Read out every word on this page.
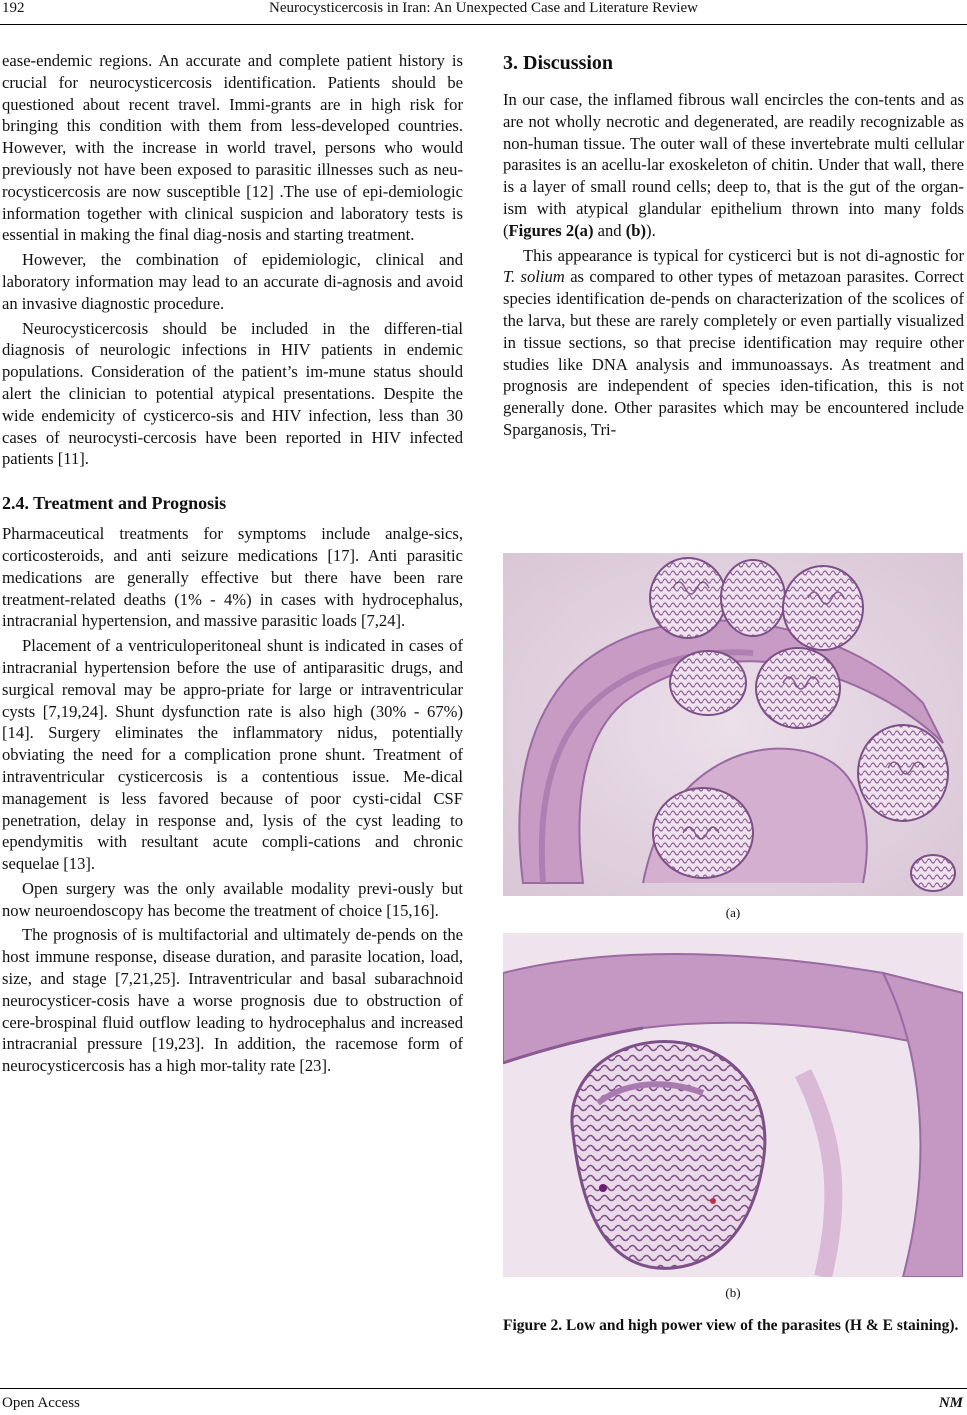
192	Neurocysticercosis in Iran: An Unexpected Case and Literature Review

ease-endemic regions. An accurate and complete patient history is crucial for neurocysticercosis identification. Patients should be questioned about recent travel. Immi-grants are in high risk for bringing this condition with them from less-developed countries. However, with the increase in world travel, persons who would previously not have been exposed to parasitic illnesses such as neu-rocysticercosis are now susceptible [12] .The use of epi-demiologic information together with clinical suspicion and laboratory tests is essential in making the final diag-nosis and starting treatment.

However, the combination of epidemiologic, clinical and laboratory information may lead to an accurate di-agnosis and avoid an invasive diagnostic procedure.

Neurocysticercosis should be included in the differen-tial diagnosis of neurologic infections in HIV patients in endemic populations. Consideration of the patient’s im-mune status should alert the clinician to potential atypical presentations. Despite the wide endemicity of cysticerco-sis and HIV infection, less than 30 cases of neurocysti-cercosis have been reported in HIV infected patients [11].

2.4. Treatment and Prognosis

Pharmaceutical treatments for symptoms include analge-sics, corticosteroids, and anti seizure medications [17]. Anti parasitic medications are generally effective but there have been rare treatment-related deaths (1% - 4%) in cases with hydrocephalus, intracranial hypertension, and massive parasitic loads [7,24].

Placement of a ventriculoperitoneal shunt is indicated in cases of intracranial hypertension before the use of antiparasitic drugs, and surgical removal may be appro-priate for large or intraventricular cysts [7,19,24]. Shunt dysfunction rate is also high (30% - 67%) [14]. Surgery eliminates the inflammatory nidus, potentially obviating the need for a complication prone shunt. Treatment of intraventricular cysticercosis is a contentious issue. Me-dical management is less favored because of poor cysti-cidal CSF penetration, delay in response and, lysis of the cyst leading to ependymitis with resultant acute compli-cations and chronic sequelae [13].

Open surgery was the only available modality previ-ously but now neuroendoscopy has become the treatment of choice [15,16].

The prognosis of is multifactorial and ultimately de-pends on the host immune response, disease duration, and parasite location, load, size, and stage [7,21,25]. Intraventricular and basal subarachnoid neurocysticer-cosis have a worse prognosis due to obstruction of cere-brospinal fluid outflow leading to hydrocephalus and increased intracranial pressure [19,23]. In addition, the racemose form of neurocysticercosis has a high mor-tality rate [23].

3. Discussion

In our case, the inflamed fibrous wall encircles the con-tents and as are not wholly necrotic and degenerated, are readily recognizable as non-human tissue. The outer wall of these invertebrate multi cellular parasites is an acellu-lar exoskeleton of chitin. Under that wall, there is a layer of small round cells; deep to, that is the gut of the organ-ism with atypical glandular epithelium thrown into many folds (Figures 2(a) and (b)).

This appearance is typical for cysticerci but is not di-agnostic for T. solium as compared to other types of metazoan parasites. Correct species identification de-pends on characterization of the scolices of the larva, but these are rarely completely or even partially visualized in tissue sections, so that precise identification may require other studies like DNA analysis and immunoassays. As treatment and prognosis are independent of species iden-tification, this is not generally done. Other parasites which may be encountered include Sparganosis, Tri-

(a)
(b)
Figure 2. Low and high power view of the parasites (H & E staining).
Open Access	NM
